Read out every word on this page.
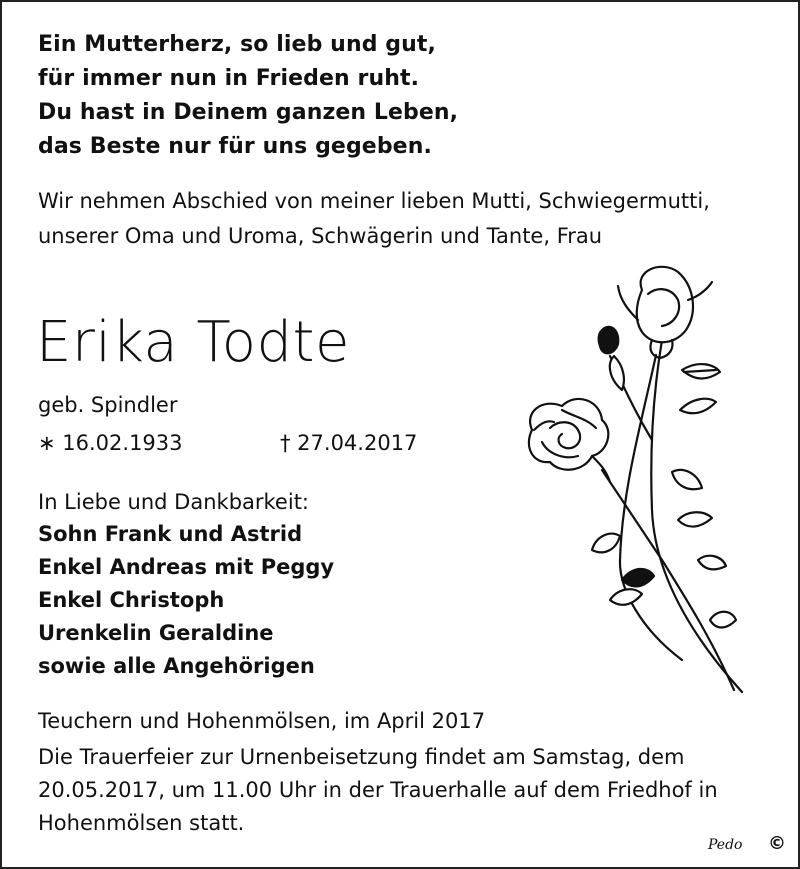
Ein Mutterherz, so lieb und gut,
für immer nun in Frieden ruht.
Du hast in Deinem ganzen Leben,
das Beste nur für uns gegeben.
Wir nehmen Abschied von meiner lieben Mutti, Schwiegermutti, unserer Oma und Uroma, Schwägerin und Tante, Frau
Erika Todte
geb. Spindler
∗ 16.02.1933	† 27.04.2017
In Liebe und Dankbarkeit:
Sohn Frank und Astrid
Enkel Andreas mit Peggy
Enkel Christoph
Urenkelin Geraldine
sowie alle Angehörigen
Teuchern und Hohenmölsen, im April 2017
Die Trauerfeier zur Urnenbeisetzung findet am Samstag, dem 20.05.2017, um 11.00 Uhr in der Trauerhalle auf dem Friedhof in Hohenmölsen statt.
Pedo ©
